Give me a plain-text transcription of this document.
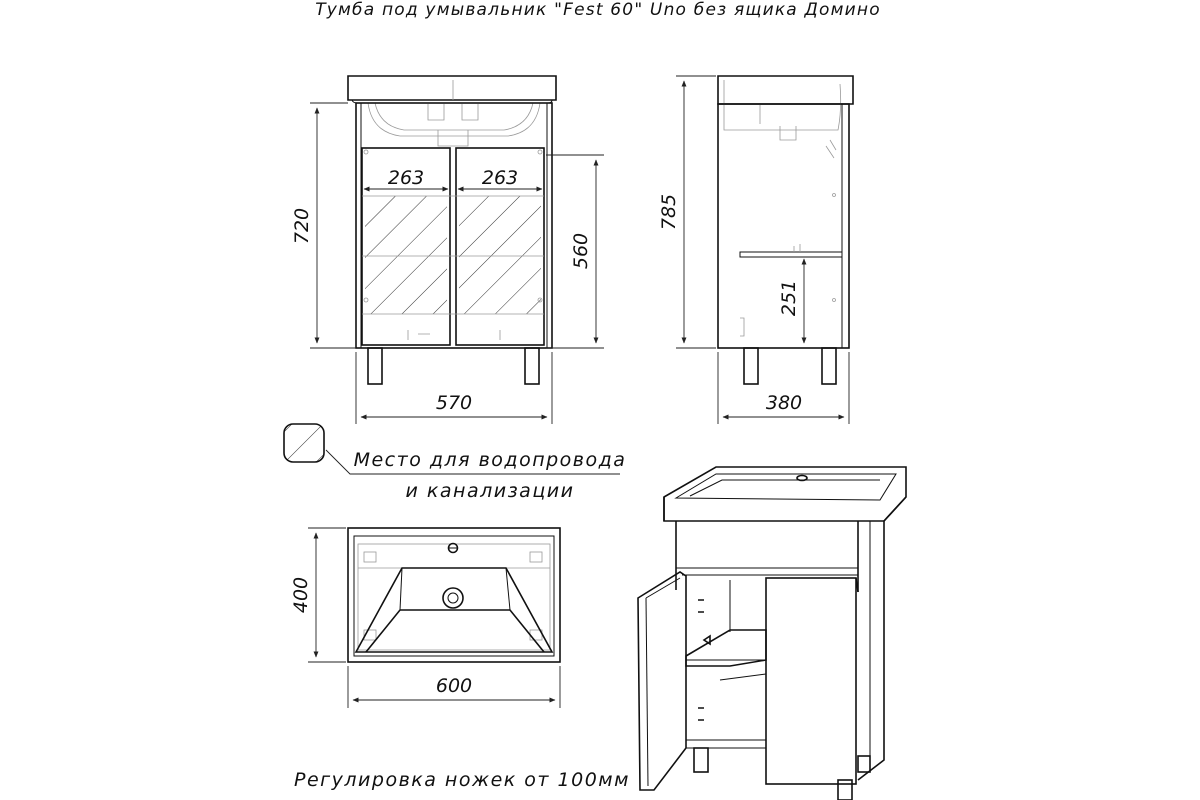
Тумба под умывальник "Fest 60" Uno без ящика Домино
720
263	263
560
570
785
251
380
Место для водопровода
и канализации
400
600
Регулировка ножек от 100мм
